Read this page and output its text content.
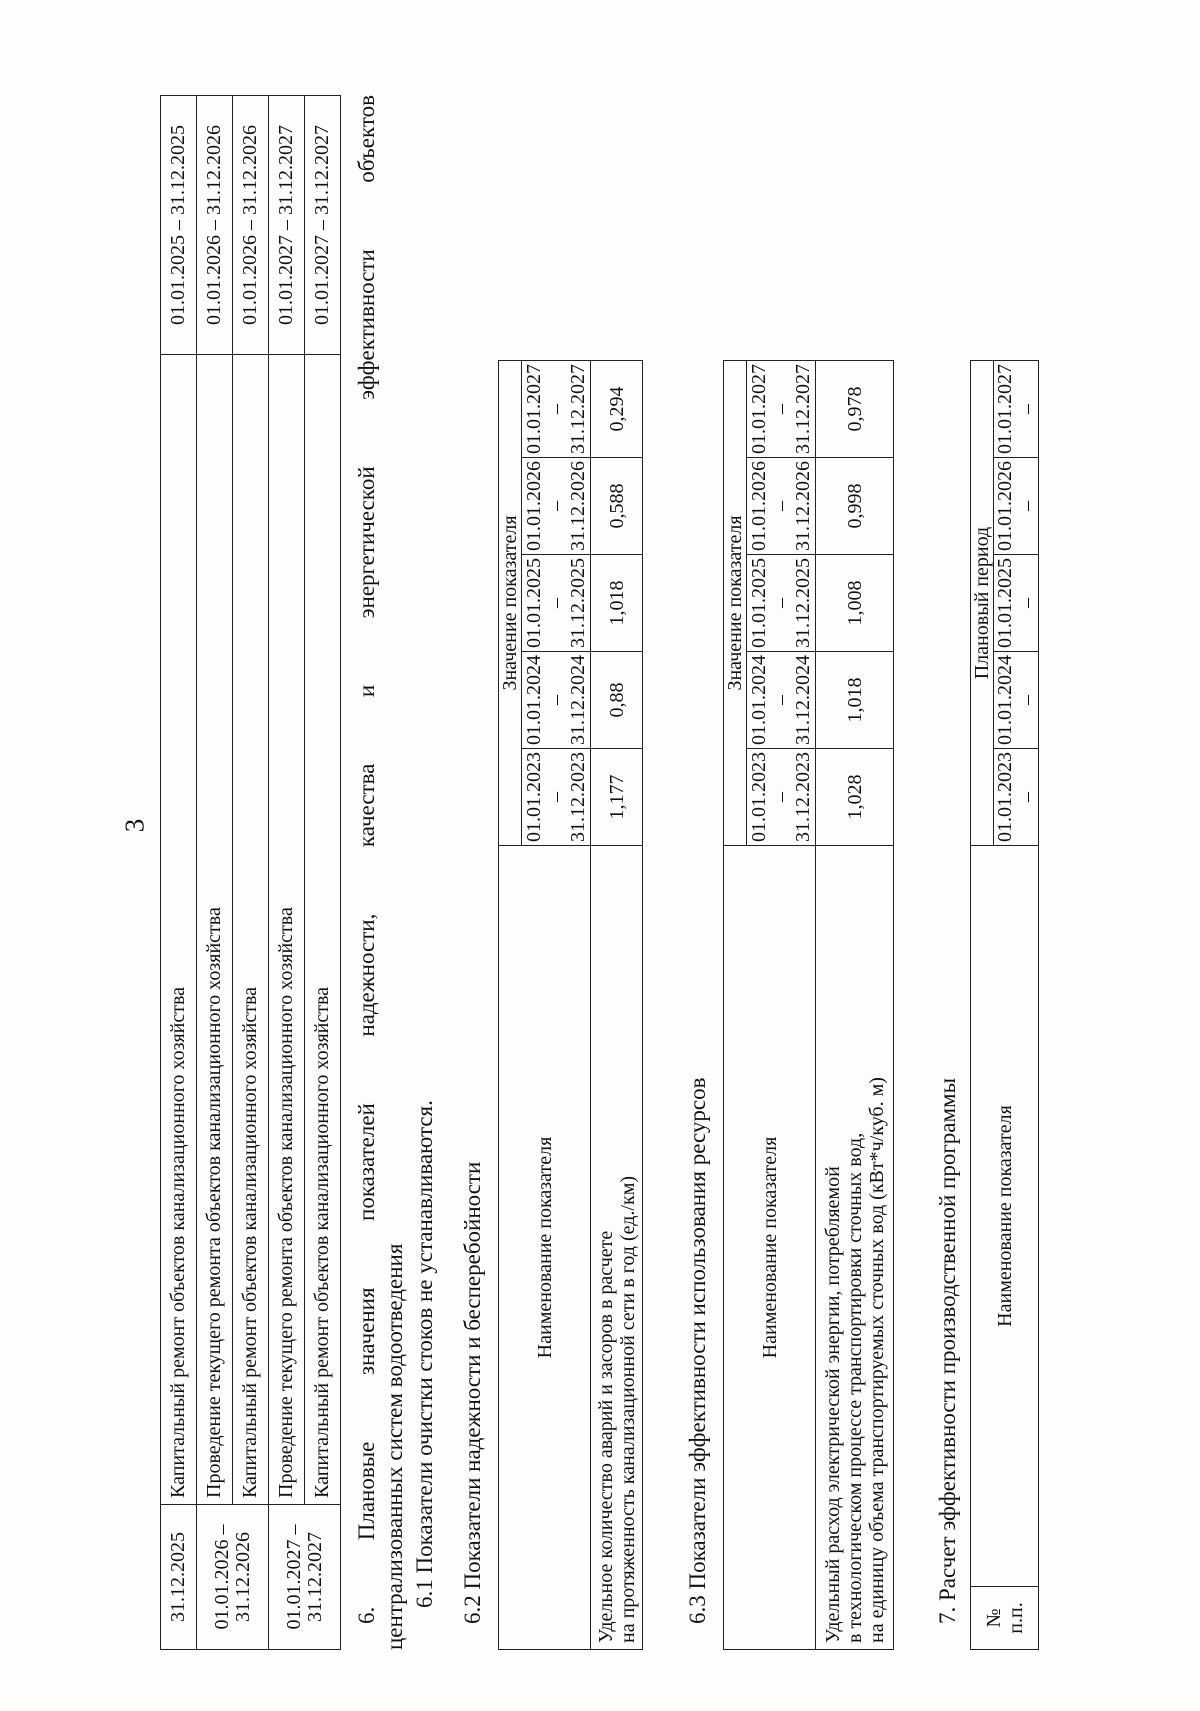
3
31.12.2025	Капитальный ремонт объектов канализационного хозяйства	01.01.2025 – 31.12.2025
01.01.2026 –
31.12.2026	Проведение текущего ремонта объектов канализационного хозяйства	01.01.2026 – 31.12.2026
	Капитальный ремонт объектов канализационного хозяйства	01.01.2026 – 31.12.2026
01.01.2027 –
31.12.2027	Проведение текущего ремонта объектов канализационного хозяйства	01.01.2027 – 31.12.2027
	Капитальный ремонт объектов канализационного хозяйства	01.01.2027 – 31.12.2027 6. Плановые значения показателей надежности, качества и энергетической эффективности объектов централизованных систем водоотведения 6.1 Показатели очистки стоков не устанавливаются. 6.2 Показатели надежности и бесперебойности Наименование показателя	Значение показателя				
	01.01.2023 – 31.12.2023	01.01.2024 – 31.12.2024	01.01.2025 – 31.12.2025	01.01.2026 – 31.12.2026	01.01.2027 – 31.12.2027

Удельное количество аварий и засоров в расчете на протяженность канализационной сети в год (ед./км)	1,177	0,88	1,018	0,588	0,294
6.3 Показатели эффективности использования ресурсов Наименование показателя	Значение показателя				
	01.01.2023 – 31.12.2023	01.01.2024 – 31.12.2024	01.01.2025 – 31.12.2025	01.01.2026 – 31.12.2026	01.01.2027 – 31.12.2027

Удельный расход электрической энергии, потребляемой в технологическом процессе транспортировки сточных вод, на единицу объема транспортируемых сточных вод (кВт*ч/куб. м)	1,028	1,018	1,008	0,998	0,978
7. Расчет эффективности производственной программы № п.п.	Наименование показателя	Плановый период				
		01.01.2023 –	01.01.2024 –	01.01.2025 –	01.01.2026 –	01.01.2027 –
